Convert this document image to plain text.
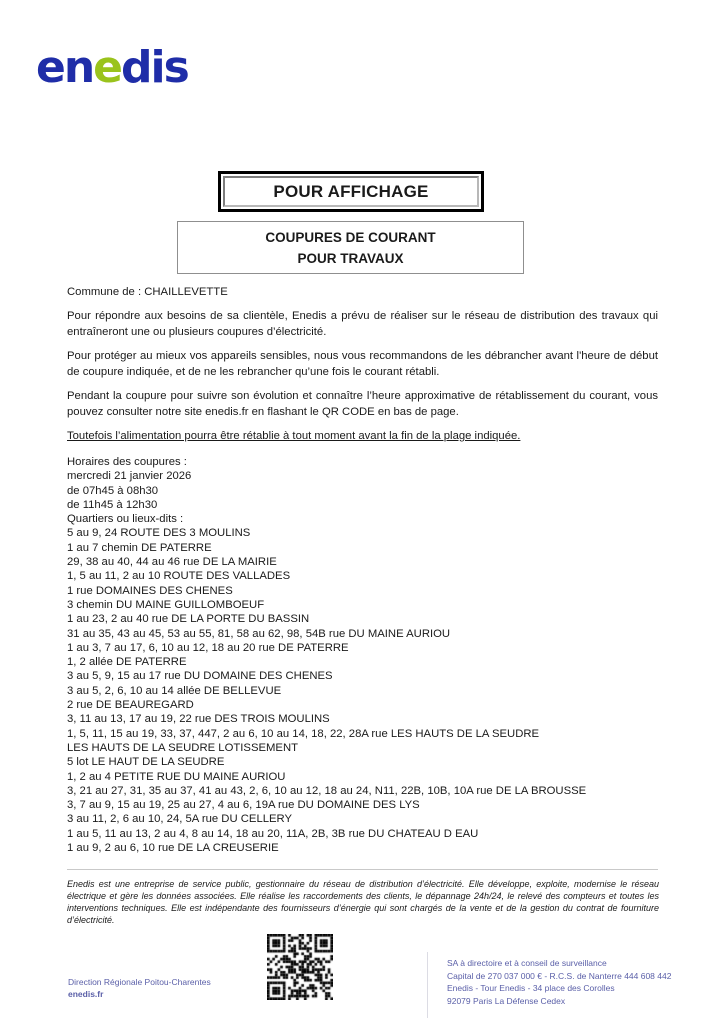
enedis
POUR AFFICHAGE
COUPURES DE COURANT
POUR TRAVAUX

Commune de : CHAILLEVETTE

Pour répondre aux besoins de sa clientèle, Enedis a prévu de réaliser sur le réseau de distribution des travaux qui entraîneront une ou plusieurs coupures d’électricité.

Pour protéger au mieux vos appareils sensibles, nous vous recommandons de les débrancher avant l'heure de début de coupure indiquée, et de ne les rebrancher qu’une fois le courant rétabli.

Pendant la coupure pour suivre son évolution et connaître l’heure approximative de rétablissement du courant, vous pouvez consulter notre site enedis.fr en flashant le QR CODE en bas de page.

Toutefois l’alimentation pourra être rétablie à tout moment avant la fin de la plage indiquée.

Horaires des coupures :
mercredi 21 janvier 2026
de 07h45 à 08h30
de 11h45 à 12h30
Quartiers ou lieux-dits :
5 au 9, 24 ROUTE DES 3 MOULINS
1 au 7 chemin DE PATERRE
29, 38 au 40, 44 au 46 rue DE LA MAIRIE
1, 5 au 11, 2 au 10 ROUTE DES VALLADES
1 rue DOMAINES DES CHENES
3 chemin DU MAINE GUILLOMBOEUF
1 au 23, 2 au 40 rue DE LA PORTE DU BASSIN
31 au 35, 43 au 45, 53 au 55, 81, 58 au 62, 98, 54B rue DU MAINE AURIOU
1 au 3, 7 au 17, 6, 10 au 12, 18 au 20 rue DE PATERRE
1, 2 allée DE PATERRE
3 au 5, 9, 15 au 17 rue DU DOMAINE DES CHENES
3 au 5, 2, 6, 10 au 14 allée DE BELLEVUE
2 rue DE BEAUREGARD
3, 11 au 13, 17 au 19, 22 rue DES TROIS MOULINS
1, 5, 11, 15 au 19, 33, 37, 447, 2 au 6, 10 au 14, 18, 22, 28A rue LES HAUTS DE LA SEUDRE
LES HAUTS DE LA SEUDRE LOTISSEMENT
5 lot LE HAUT DE LA SEUDRE
1, 2 au 4 PETITE RUE DU MAINE AURIOU
3, 21 au 27, 31, 35 au 37, 41 au 43, 2, 6, 10 au 12, 18 au 24, N11, 22B, 10B, 10A rue DE LA BROUSSE
3, 7 au 9, 15 au 19, 25 au 27, 4 au 6, 19A rue DU DOMAINE DES LYS
3 au 11, 2, 6 au 10, 24, 5A rue DU CELLERY
1 au 5, 11 au 13, 2 au 4, 8 au 14, 18 au 20, 11A, 2B, 3B rue DU CHATEAU D EAU
1 au 9, 2 au 6, 10 rue DE LA CREUSERIE

Enedis est une entreprise de service public, gestionnaire du réseau de distribution d’électricité. Elle développe, exploite, modernise le réseau électrique et gère les données associées. Elle réalise les raccordements des clients, le dépannage 24h/24, le relevé des compteurs et toutes les interventions techniques. Elle est indépendante des fournisseurs d’énergie qui sont chargés de la vente et de la gestion du contrat de fourniture d’électricité.

Direction Régionale Poitou-Charentes
enedis.fr
SA à directoire et à conseil de surveillance
Capital de 270 037 000 € - R.C.S. de Nanterre 444 608 442
Enedis - Tour Enedis - 34 place des Corolles
92079 Paris La Défense Cedex
